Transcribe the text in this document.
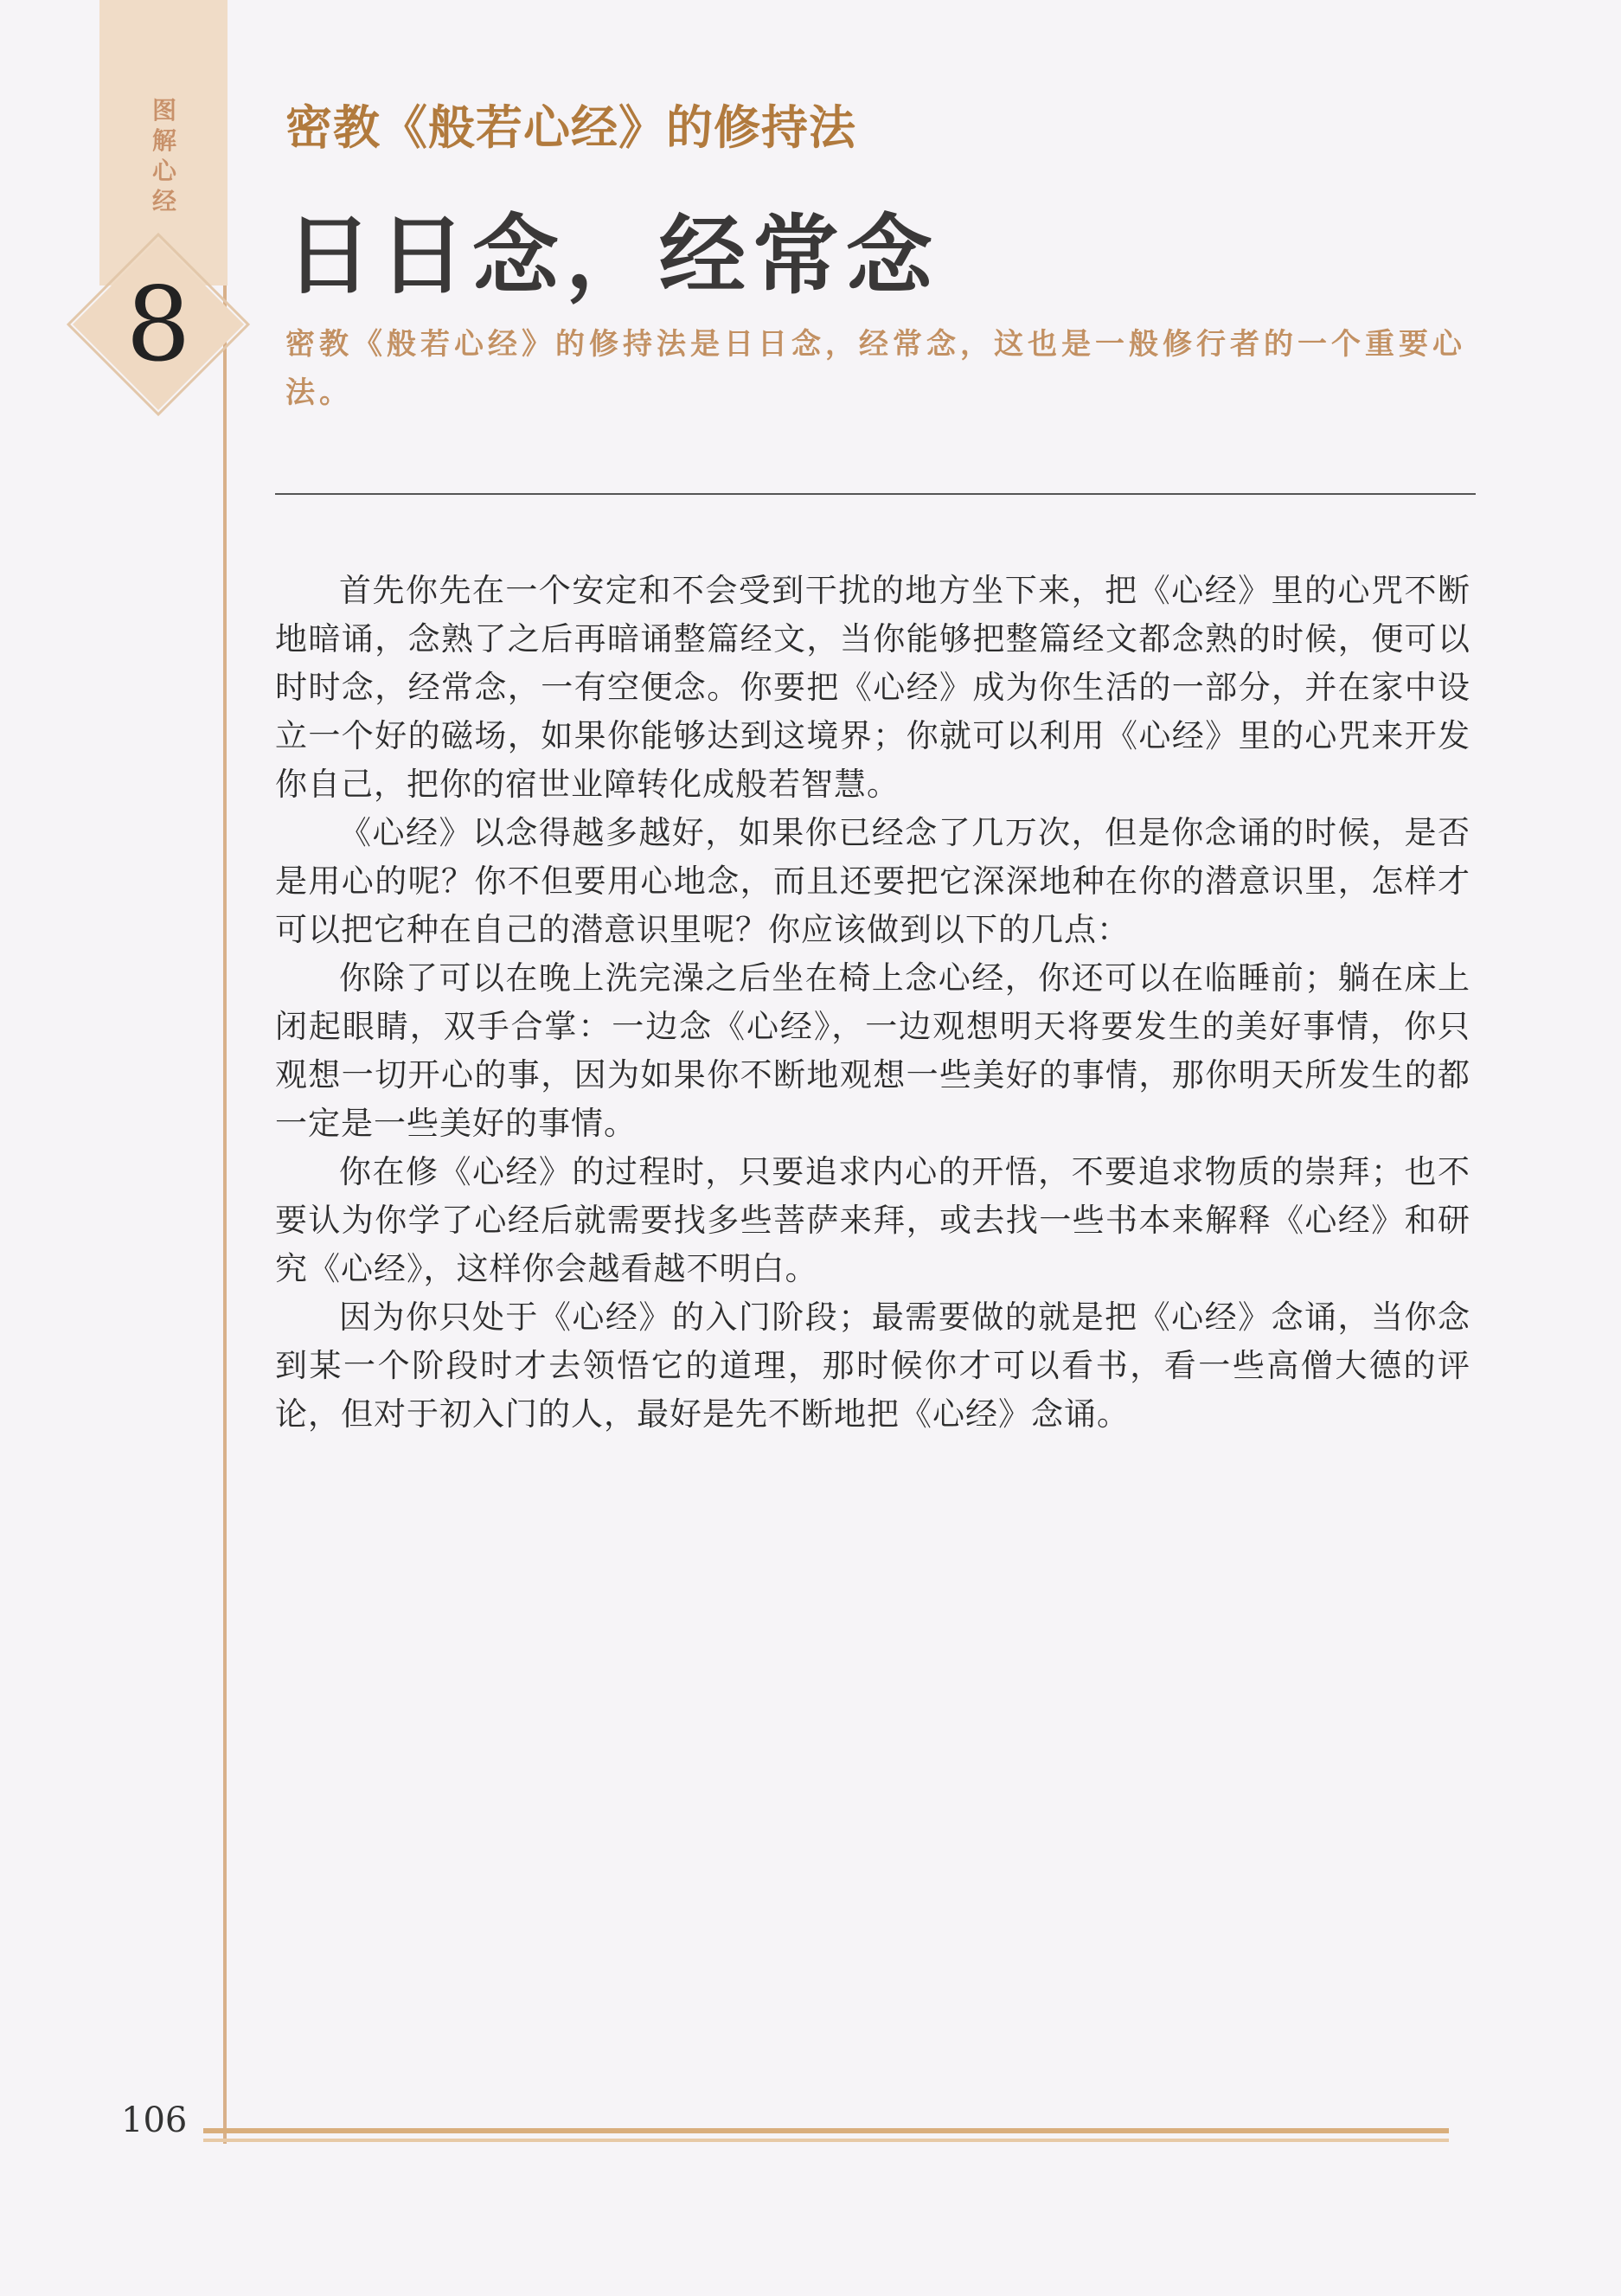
图
解
心
经
8
密教《般若心经》的修持法
日日念，经常念

密教《般若心经》的修持法是日日念，经常念，这也是一般修行者的一个重要心法。

首先你先在一个安定和不会受到干扰的地方坐下来，把《心经》里的心咒不断地暗诵，念熟了之后再暗诵整篇经文，当你能够把整篇经文都念熟的时候，便可以时时念，经常念，一有空便念。你要把《心经》成为你生活的一部分，并在家中设立一个好的磁场，如果你能够达到这境界；你就可以利用《心经》里的心咒来开发你自己，把你的宿世业障转化成般若智慧。

《心经》以念得越多越好，如果你已经念了几万次，但是你念诵的时候，是否是用心的呢？你不但要用心地念，而且还要把它深深地种在你的潜意识里，怎样才可以把它种在自己的潜意识里呢？你应该做到以下的几点：

你除了可以在晚上洗完澡之后坐在椅上念心经，你还可以在临睡前；躺在床上闭起眼睛，双手合掌：一边念《心经》，一边观想明天将要发生的美好事情，你只观想一切开心的事，因为如果你不断地观想一些美好的事情，那你明天所发生的都一定是一些美好的事情。

你在修《心经》的过程时，只要追求内心的开悟，不要追求物质的崇拜；也不要认为你学了心经后就需要找多些菩萨来拜，或去找一些书本来解释《心经》和研究《心经》，这样你会越看越不明白。

因为你只处于《心经》的入门阶段；最需要做的就是把《心经》念诵，当你念到某一个阶段时才去领悟它的道理，那时候你才可以看书，看一些高僧大德的评论，但对于初入门的人，最好是先不断地把《心经》念诵。

106
